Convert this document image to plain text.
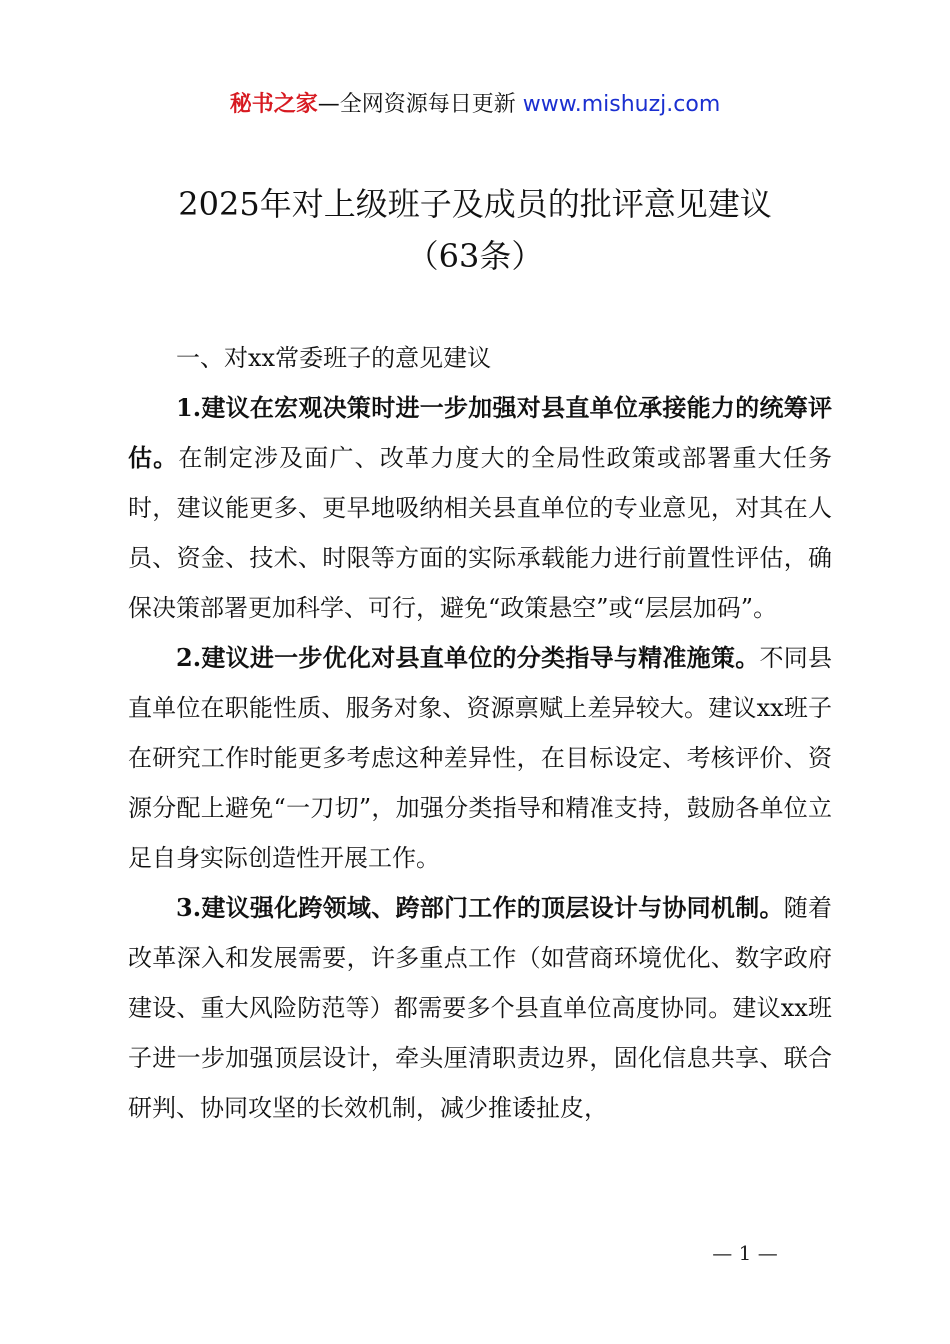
秘书之家—全网资源每日更新 www.mishuzj.com
2025年对上级班子及成员的批评意见建议
（63条）

一、对xx常委班子的意见建议

1.建议在宏观决策时进一步加强对县直单位承接能力的统筹评估。在制定涉及面广、改革力度大的全局性政策或部署重大任务时，建议能更多、更早地吸纳相关县直单位的专业意见，对其在人员、资金、技术、时限等方面的实际承载能力进行前置性评估，确保决策部署更加科学、可行，避免“政策悬空”或“层层加码”。

2.建议进一步优化对县直单位的分类指导与精准施策。不同县直单位在职能性质、服务对象、资源禀赋上差异较大。建议xx班子在研究工作时能更多考虑这种差异性，在目标设定、考核评价、资源分配上避免“一刀切”，加强分类指导和精准支持，鼓励各单位立足自身实际创造性开展工作。

3.建议强化跨领域、跨部门工作的顶层设计与协同机制。随着改革深入和发展需要，许多重点工作（如营商环境优化、数字政府建设、重大风险防范等）都需要多个县直单位高度协同。建议xx班子进一步加强顶层设计，牵头厘清职责边界，固化信息共享、联合研判、协同攻坚的长效机制，减少推诿扯皮，

— 1 —
